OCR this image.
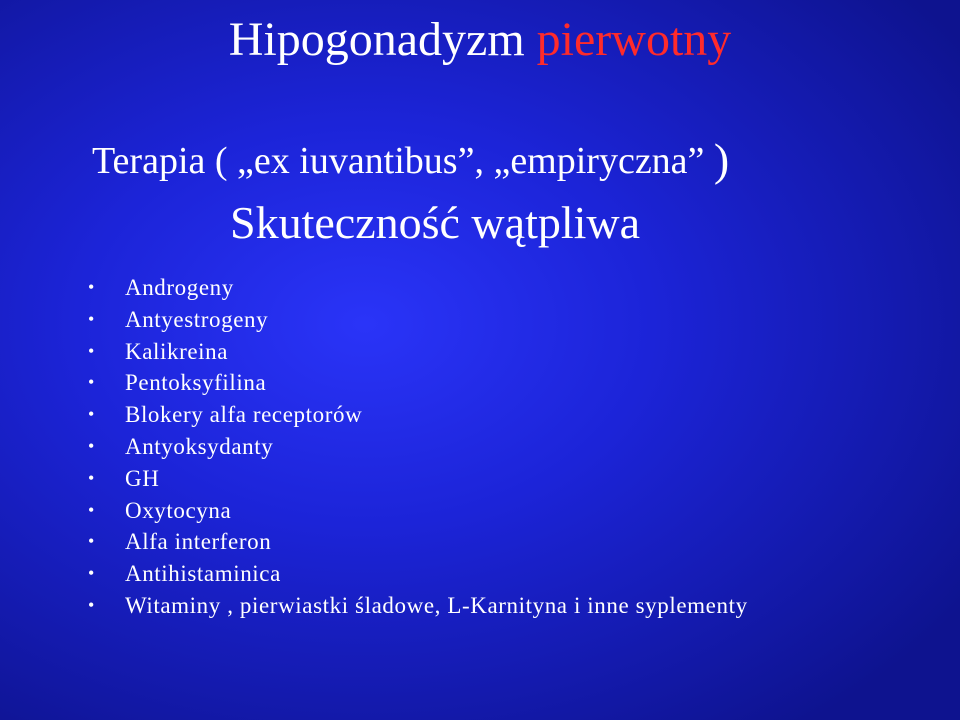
Hipogonadyzm pierwotny
Terapia ( „ex iuvantibus”, „empiryczna” )
Skuteczność wątpliwa
• Androgeny
• Antyestrogeny
• Kalikreina
• Pentoksyfilina
• Blokery alfa receptorów
• Antyoksydanty
• GH
• Oxytocyna
• Alfa interferon
• Antihistaminica
• Witaminy , pierwiastki śladowe, L-Karnityna i inne syplementy
